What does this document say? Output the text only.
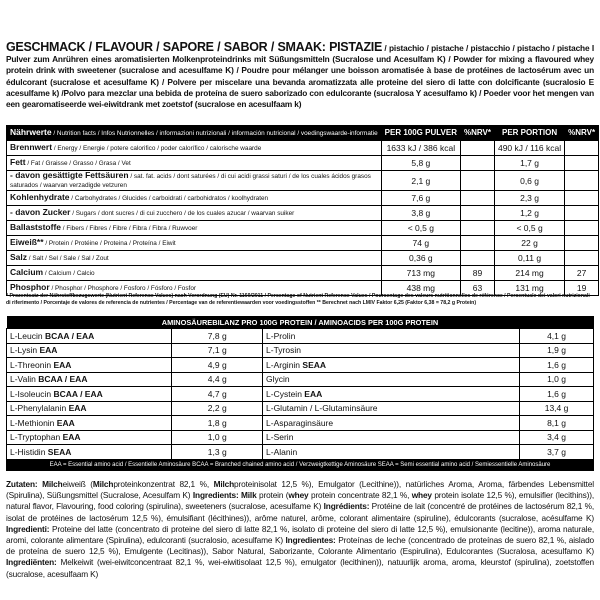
GESCHMACK / FLAVOUR / SAPORE / SABOR / SMAAK: PISTAZIE / pistachio / pistache / pistacchio / pistacho / pistache I Pulver zum Anrühren eines aromatisierten Molkenproteindrinks mit Süßungsmitteln (Sucralose und Acesulfam K) / Powder for mixing a flavoured whey protein drink with sweetener (sucralose and acesulfame K) / Poudre pour mélanger une boisson aromatisée à base de protéines de lactosérum avec un édulcorant (sucralose et acesulfame K) / Polvere per miscelare una bevanda aromatizzata alle proteine del siero di latte con dolcificante (sucralosio E acesulfame k) /Polvo para mezclar una bebida de proteína de suero saborizado con edulcorante (sucralosa Y acesulfamo k) / Poeder voor het mengen van een gearomatiseerde wei-eiwitdrank met zoetstof (sucralose en acesulfaam k)
Nährwerte / Nutrition facts / Infos Nutrionnelles / informazioni nutrizionali / información nutricional / voedingswaarde-informatie	PER 100G PULVER	%NRV*	PER PORTION	%NRV*
Brennwert / Energy / Energie / potere calorifico / poder calorífico / calorische waarde	1633 kJ / 386 kcal		490 kJ / 116 kcal	
Fett / Fat / Graisse / Grasso / Grasa / Vet	5,8 g		1,7 g	
- davon gesättigte Fettsäuren / sat. fat. acids / dont saturées / di cui acidi grassi saturi / de los cuales ácidos grasos saturados / waarvan verzadigde vetzuren	2,1 g		0,6 g	
Kohlenhydrate / Carbohydrates / Glucides / carboidrati / carbohidratos / koolhydraten	7,6 g		2,3 g	
- davon Zucker / Sugars / dont sucres / di cui zucchero / de los cuales azucar / waarvan suiker	3,8 g		1,2 g	
Ballaststoffe / Fibers / Fibres / Fibre / Fibra / Fibra / Ruwvoer	< 0,5 g		< 0,5 g	
Eiweiß** / Protein / Protéine / Proteina / Proteína / Eiwit	74 g		22 g	
Salz / Salt / Sel / Sale / Sal / Zout	0,36 g		0,11 g	
Calcium / Calcium / Calcio	713 mg	89	214 mg	27
Phosphor / Phosphor / Phosphore / Fosforo / Fósforo / Fosfor	438 mg	63	131 mg	19
* Prozentsatz der Nährstoffbezugswerte (Nutrient Reference Values) nach Verordnung (EU) Nr. 1169/2011 / Percentage of Nutrient Reference Values / Pourcentage des valeurs nutritionnelles de référence / Percentuale dei valori nutrizionali di riferimento / Porcentaje de valores de referencia de nutrientes / Percentage van de referentiewaarden voor voedingsstoffen ** Berechnet nach LMIV Faktor 6,25 (Faktor 6,38 = 78,2 g Protein)
AMINOSÄUREBILANZ PRO 100G PROTEIN / AMINOACIDS PER 100G PROTEIN			
L-Leucin BCAA / EAA	7,8 g	L-Prolin	4,1 g
L-Lysin EAA	7,1 g	L-Tyrosin	1,9 g
L-Threonin EAA	4,9 g	L-Arginin SEAA	1,6 g
L-Valin BCAA / EAA	4,4 g	Glycin	1,0 g
L-Isoleucin BCAA / EAA	4,7 g	L-Cystein EAA	1,6 g
L-Phenylalanin EAA	2,2 g	L-Glutamin / L-Glutaminsäure	13,4 g
L-Methionin EAA	1,8 g	L-Asparaginsäure	8,1 g
L-Tryptophan EAA	1,0 g	L-Serin	3,4 g
L-Histidin SEAA	1,3 g	L-Alanin	3,7 g
EAA = Essential amino acid / Essentielle Aminosäure BCAA = Branched chained amino acid / Verzweigtkettige Aminosäure SEAA = Semi essential amino acid / Semiessentielle Aminosäure			
Zutaten: Milcheiweiß (Milchproteinkonzentrat 82,1 %, Milchproteinisolat 12,5 %), Emulgator (Lecithine)), natürliches Aroma, Aroma, färbendes Lebensmittel (Spirulina), Süßungsmittel (Sucralose, Acesulfam K) Ingredients: Milk protein (whey protein concentrate 82,1 %, whey protein isolate 12,5 %), emulsifier (lecithins)), natural flavor, Flavouring, food coloring (spirulina), sweeteners (sucralose, acesulfame K) Ingrédients: Protéine de lait (concentré de protéines de lactosérum 82,1 %, isolat de protéines de lactosérum 12,5 %), émulsifiant (lécithines)), arôme naturel, arôme, colorant alimentaire (spiruline), édulcorants (sucralose, acésulfame K) Ingredienti: Proteine del latte (concentrato di proteine del siero di latte 82,1 %, isolato di proteine del siero di latte 12,5 %), emulsionante (lecitine)), aroma naturale, aromi, colorante alimentare (Spirulina), edulcoranti (sucralosio, acesulfame K) Ingredientes: Proteínas de leche (concentrado de proteínas de suero 82,1 %, aislado de proteína de suero 12,5 %), Emulgente (Lecitinas)), Sabor Natural, Saborizante, Colorante Alimentario (Espirulina), Edulcorantes (Sucralosa, acesulfamo K) Ingrediënten: Melkeiwit (wei-eiwitconcentraat 82,1 %, wei-eiwitisolaat 12,5 %), emulgator (lecithinen)), natuurlijk aroma, aroma, kleurstof (spirulina), zoetstoffen (sucralose, acesulfaam K)
